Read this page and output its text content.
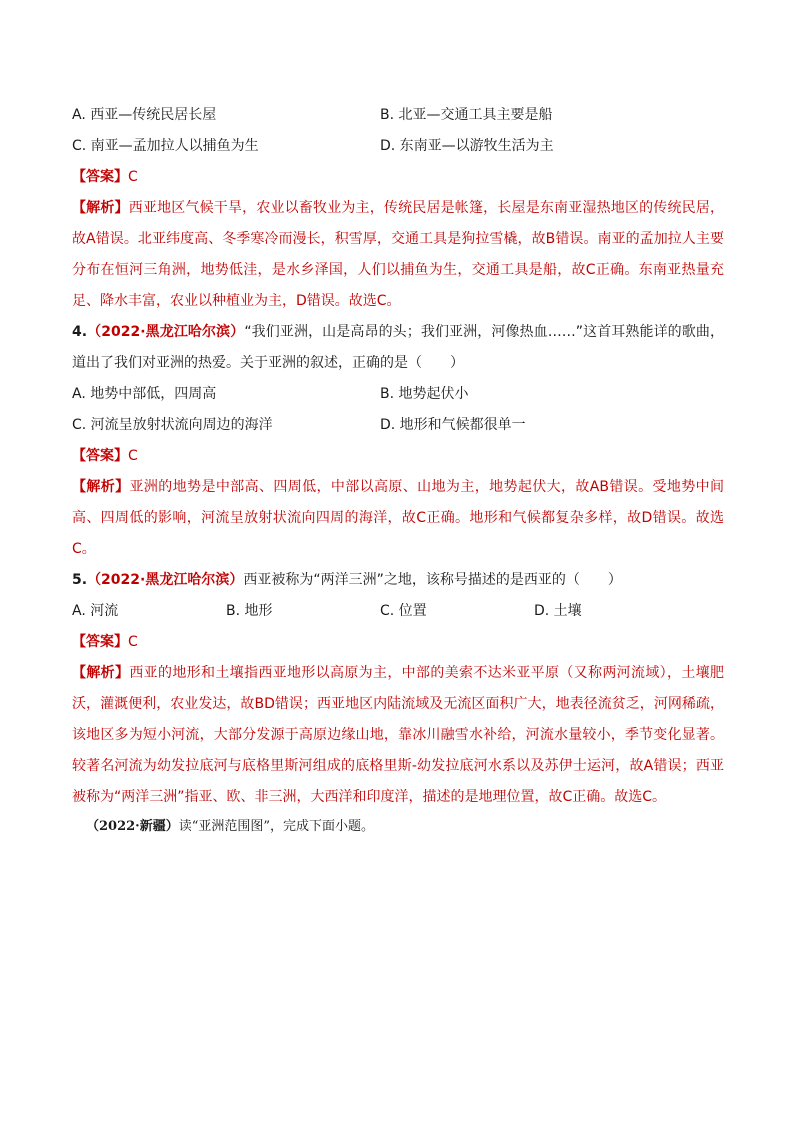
A. 西亚—传统民居长屋	B. 北亚—交通工具主要是船
C. 南亚—孟加拉人以捕鱼为生	D. 东南亚—以游牧生活为主
【答案】C
【解析】西亚地区气候干旱，农业以畜牧业为主，传统民居是帐篷，长屋是东南亚湿热地区的传统民居，故A错误。北亚纬度高、冬季寒冷而漫长，积雪厚，交通工具是狗拉雪橇，故B错误。南亚的孟加拉人主要分布在恒河三角洲，地势低洼，是水乡泽国，人们以捕鱼为生，交通工具是船，故C正确。东南亚热量充足、降水丰富，农业以种植业为主，D错误。故选C。
4.（2022·黑龙江哈尔滨）“我们亚洲，山是高昂的头；我们亚洲，河像热血……”这首耳熟能详的歌曲，道出了我们对亚洲的热爱。关于亚洲的叙述，正确的是（　　）
A. 地势中部低，四周高	B. 地势起伏小
C. 河流呈放射状流向周边的海洋	D. 地形和气候都很单一
【答案】C
【解析】亚洲的地势是中部高、四周低，中部以高原、山地为主，地势起伏大，故AB错误。受地势中间高、四周低的影响，河流呈放射状流向四周的海洋，故C正确。地形和气候都复杂多样，故D错误。故选C。
5.（2022·黑龙江哈尔滨）西亚被称为“两洋三洲”之地，该称号描述的是西亚的（　　）
A. 河流	B. 地形	C. 位置	D. 土壤
【答案】C
【解析】西亚的地形和土壤指西亚地形以高原为主，中部的美索不达米亚平原（又称两河流域），土壤肥沃，灌溉便利，农业发达，故BD错误；西亚地区内陆流域及无流区面积广大，地表径流贫乏，河网稀疏，该地区多为短小河流，大部分发源于高原边缘山地，靠冰川融雪水补给，河流水量较小，季节变化显著。较著名河流为幼发拉底河与底格里斯河组成的底格里斯-幼发拉底河水系以及苏伊士运河，故A错误；西亚被称为“两洋三洲”指亚、欧、非三洲，大西洋和印度洋，描述的是地理位置，故C正确。故选C。
（2022·新疆）读“亚洲范围图”，完成下面小题。
